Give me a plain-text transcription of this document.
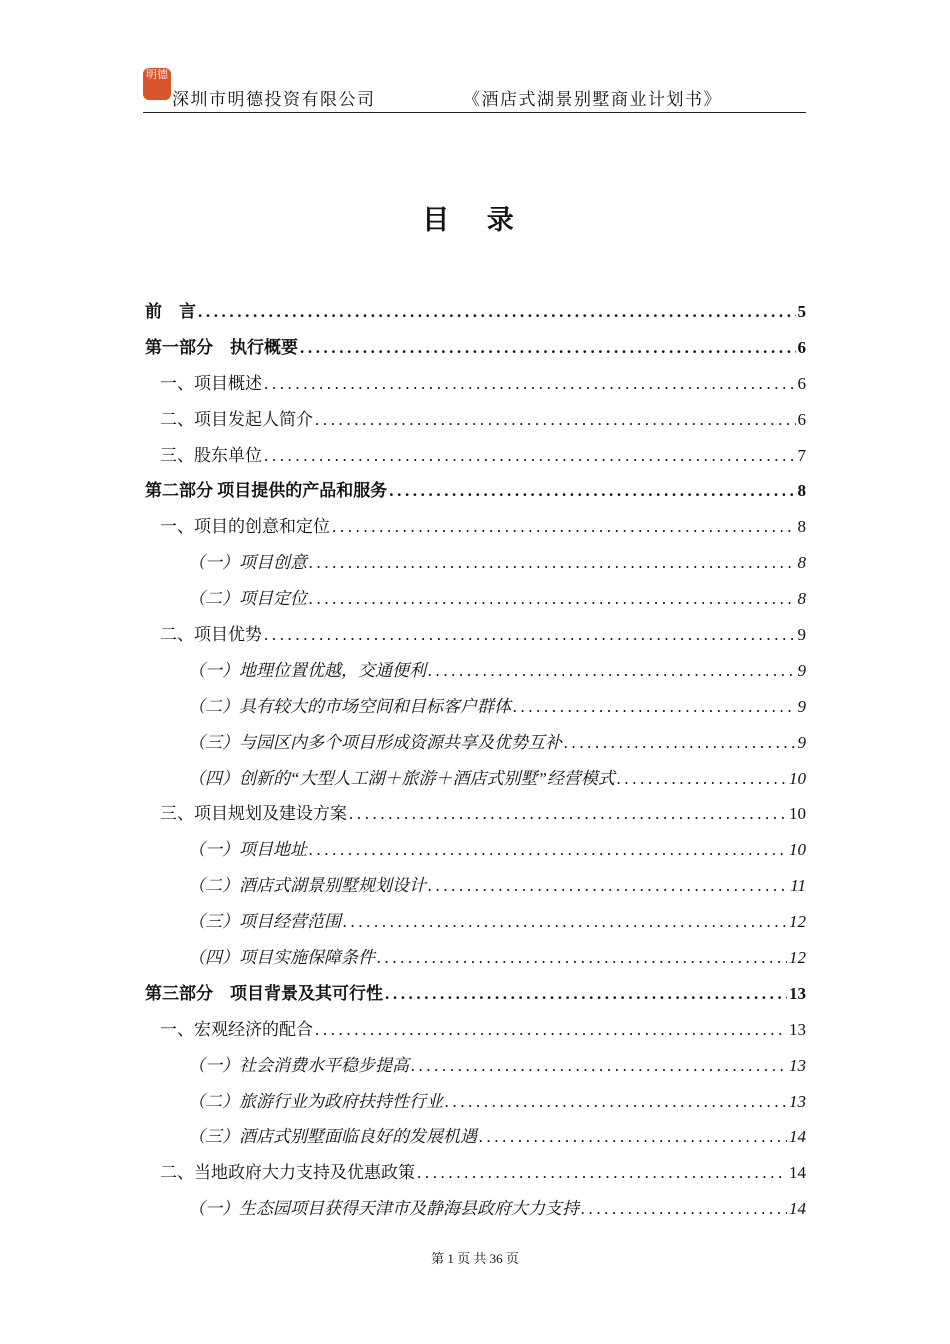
明德
深圳市明德投资有限公司	《酒店式湖景别墅商业计划书》
目 录
前　言 .....	5
第一部分　执行概要 .....	6
一、项目概述 .....	6
二、项目发起人简介 .....	6
三、股东单位 .....	7
第二部分 项目提供的产品和服务 .....	8
一、项目的创意和定位 .....	8
（一）项目创意 .....	8
（二）项目定位 .....	8
二、项目优势 .....	9
（一）地理位置优越，交通便利 .....	9
（二）具有较大的市场空间和目标客户群体 .....	9
（三）与园区内多个项目形成资源共享及优势互补 .....	9
（四）创新的“大型人工湖＋旅游＋酒店式别墅”经营模式 .....	10
三、项目规划及建设方案 .....	10
（一）项目地址 .....	10
（二）酒店式湖景别墅规划设计 .....	11
（三）项目经营范围 .....	12
（四）项目实施保障条件 .....	12
第三部分　项目背景及其可行性 .....	13
一、宏观经济的配合 .....	13
（一）社会消费水平稳步提高 .....	13
（二）旅游行业为政府扶持性行业 .....	13
（三）酒店式别墅面临良好的发展机遇 .....	14
二、当地政府大力支持及优惠政策 .....	14
（一）生态园项目获得天津市及静海县政府大力支持 .....	14
第 1 页 共 36 页
